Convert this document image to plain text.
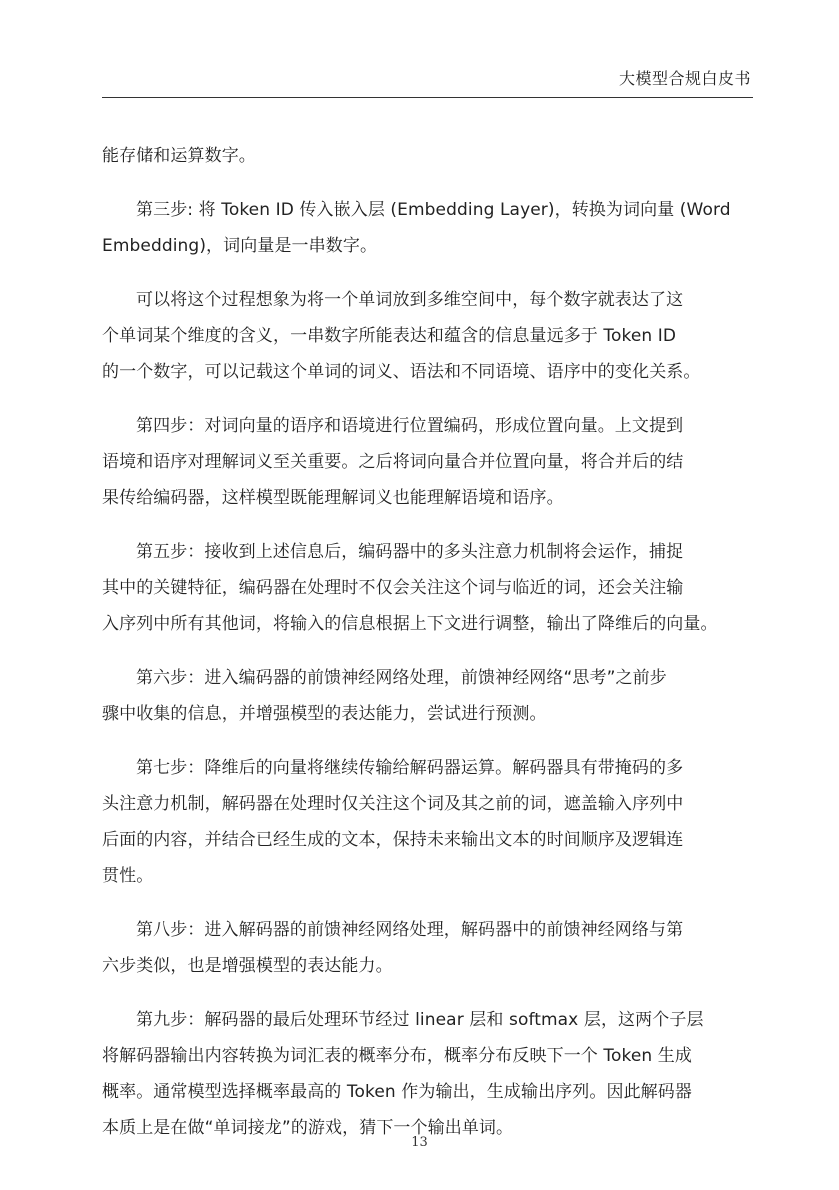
大模型合规白皮书
能存储和运算数字。
第三步: 将 Token ID 传入嵌入层 (Embedding Layer)，转换为词向量 (Word
Embedding)，词向量是一串数字。
可以将这个过程想象为将一个单词放到多维空间中，每个数字就表达了这
个单词某个维度的含义，一串数字所能表达和蕴含的信息量远多于 Token ID
的一个数字，可以记载这个单词的词义、语法和不同语境、语序中的变化关系。
第四步：对词向量的语序和语境进行位置编码，形成位置向量。上文提到
语境和语序对理解词义至关重要。之后将词向量合并位置向量，将合并后的结
果传给编码器，这样模型既能理解词义也能理解语境和语序。
第五步：接收到上述信息后，编码器中的多头注意力机制将会运作，捕捉
其中的关键特征，编码器在处理时不仅会关注这个词与临近的词，还会关注输
入序列中所有其他词，将输入的信息根据上下文进行调整，输出了降维后的向量。
第六步：进入编码器的前馈神经网络处理，前馈神经网络“思考”之前步
骤中收集的信息，并增强模型的表达能力，尝试进行预测。
第七步：降维后的向量将继续传输给解码器运算。解码器具有带掩码的多
头注意力机制，解码器在处理时仅关注这个词及其之前的词，遮盖输入序列中
后面的内容，并结合已经生成的文本，保持未来输出文本的时间顺序及逻辑连
贯性。
第八步：进入解码器的前馈神经网络处理，解码器中的前馈神经网络与第
六步类似，也是增强模型的表达能力。
第九步：解码器的最后处理环节经过 linear 层和 softmax 层，这两个子层
将解码器输出内容转换为词汇表的概率分布，概率分布反映下一个 Token 生成
概率。通常模型选择概率最高的 Token 作为输出，生成输出序列。因此解码器
本质上是在做“单词接龙”的游戏，猜下一个输出单词。
13
